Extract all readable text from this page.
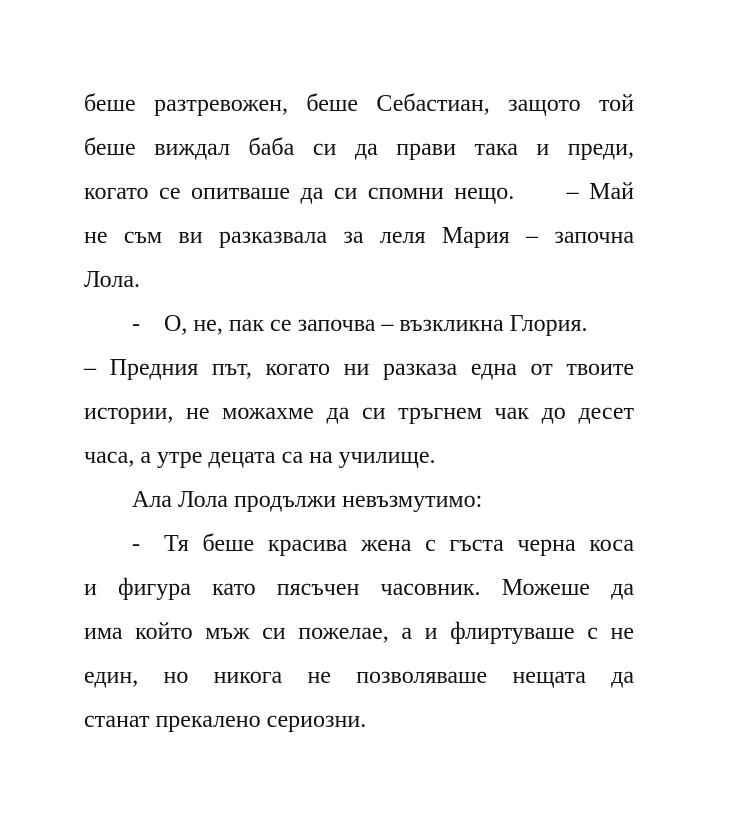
беше разтревожен, беше Себастиан, защото той
беше виждал баба си да прави така и преди,
когато се опитваше да си спомни нещо.     – Май
не съм ви разказвала за леля Мария – започна
Лола.
-	О, не, пак се започва – възкликна Глория.
– Предния път, когато ни разказа една от твоите
истории, не можахме да си тръгнем чак до десет
часа, а утре децата са на училище.
Ала Лола продължи невъзмутимо:
-	Тя беше красива жена с гъста черна коса
и фигура като пясъчен часовник. Можеше да
има който мъж си пожелае, а и флиртуваше с не
един, но никога не позволяваше нещата да
станат прекалено сериозни.
